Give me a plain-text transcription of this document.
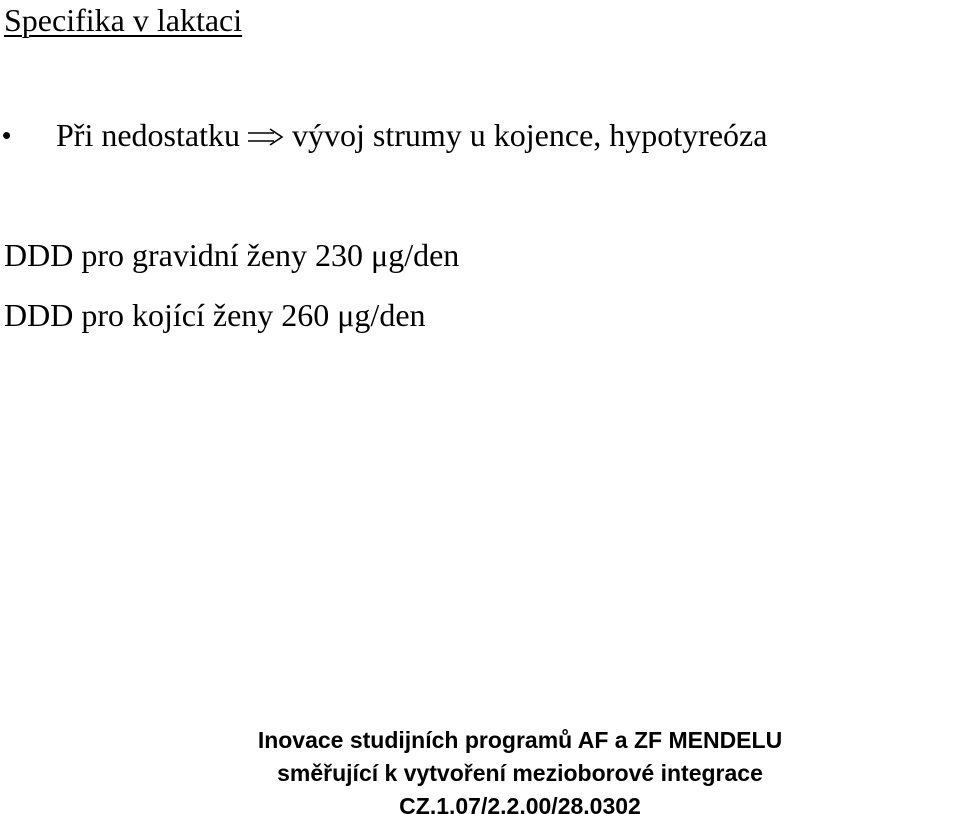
Specifika v laktaci
• Při nedostatku vývoj strumy u kojence, hypotyreóza
DDD pro gravidní ženy 230 μg/den
DDD pro kojící ženy 260 μg/den
Inovace studijních programů AF a ZF MENDELU
směřující k vytvoření mezioborové integrace
CZ.1.07/2.2.00/28.0302
